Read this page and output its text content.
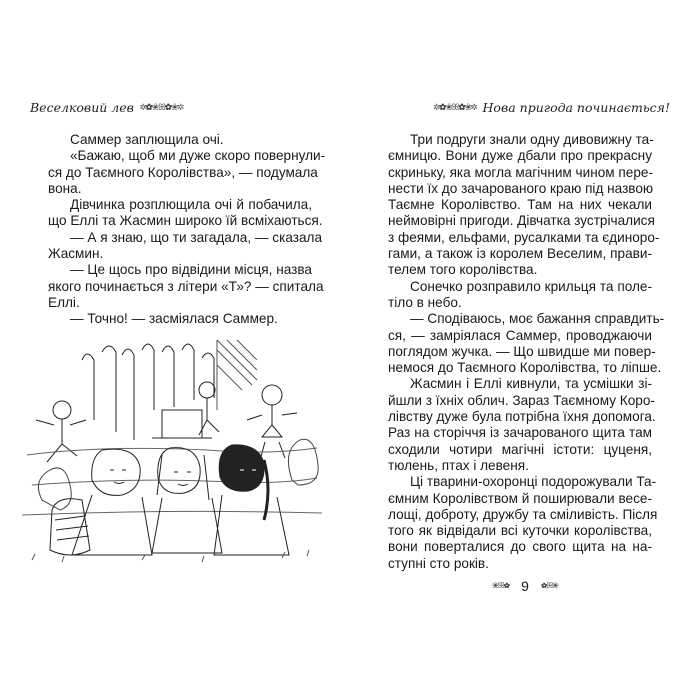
Веселковий лев ✲✿❀ꕤ✿❀✲

Саммер заплющила очі.

«Бажаю, щоб ми дуже скоро повернули-
ся до Таємного Королівства», — подумала
вона.

Дівчинка розплющила очі й побачила,
що Еллі та Жасмин широко їй всміхаються.

— А я знаю, що ти загадала, — сказала
Жасмин.

— Це щось про відвідини місця, назва
якого починається з літери «Т»? — спитала
Еллі.

— Точно! — засміялася Саммер.

✲✿❀ꕤ✿❀✲ Нова пригода починається!

Три подруги знали одну дивовижну та-
ємницю. Вони дуже дбали про прекрасну
скриньку, яка могла магічним чином пере-
нести їх до зачарованого краю під назвою
Таємне Королівство. Там на них чекали
неймовірні пригоди. Дівчатка зустрічалися
з феями, ельфами, русалками та єдиноро-
гами, а також із королем Веселим, прави-
телем того королівства.

Сонечко розправило крильця та поле-
тіло в небо.

— Сподіваюсь, моє бажання справдить-
ся, — замріялася Саммер, проводжаючи
поглядом жучка. — Що швидше ми повер-
немося до Таємного Королівства, то ліпше.

Жасмин і Еллі кивнули, та усмішки зі-
йшли з їхніх облич. Зараз Таємному Коро-
лівству дуже була потрібна їхня допомога.
Раз на сторіччя із зачарованого щита там
сходили чотири магічні істоти: цуценя,
тюлень, птах і левеня.

Ці тварини-охоронці подорожували Та-
ємним Королівством й поширювали весе-
лощі, доброту, дружбу та сміливість. Після
того як відвідали всі куточки королівства,
вони поверталися до свого щита на на-
ступні сто років.

❀ꕤ✿ 9 ✿ꕤ❀
